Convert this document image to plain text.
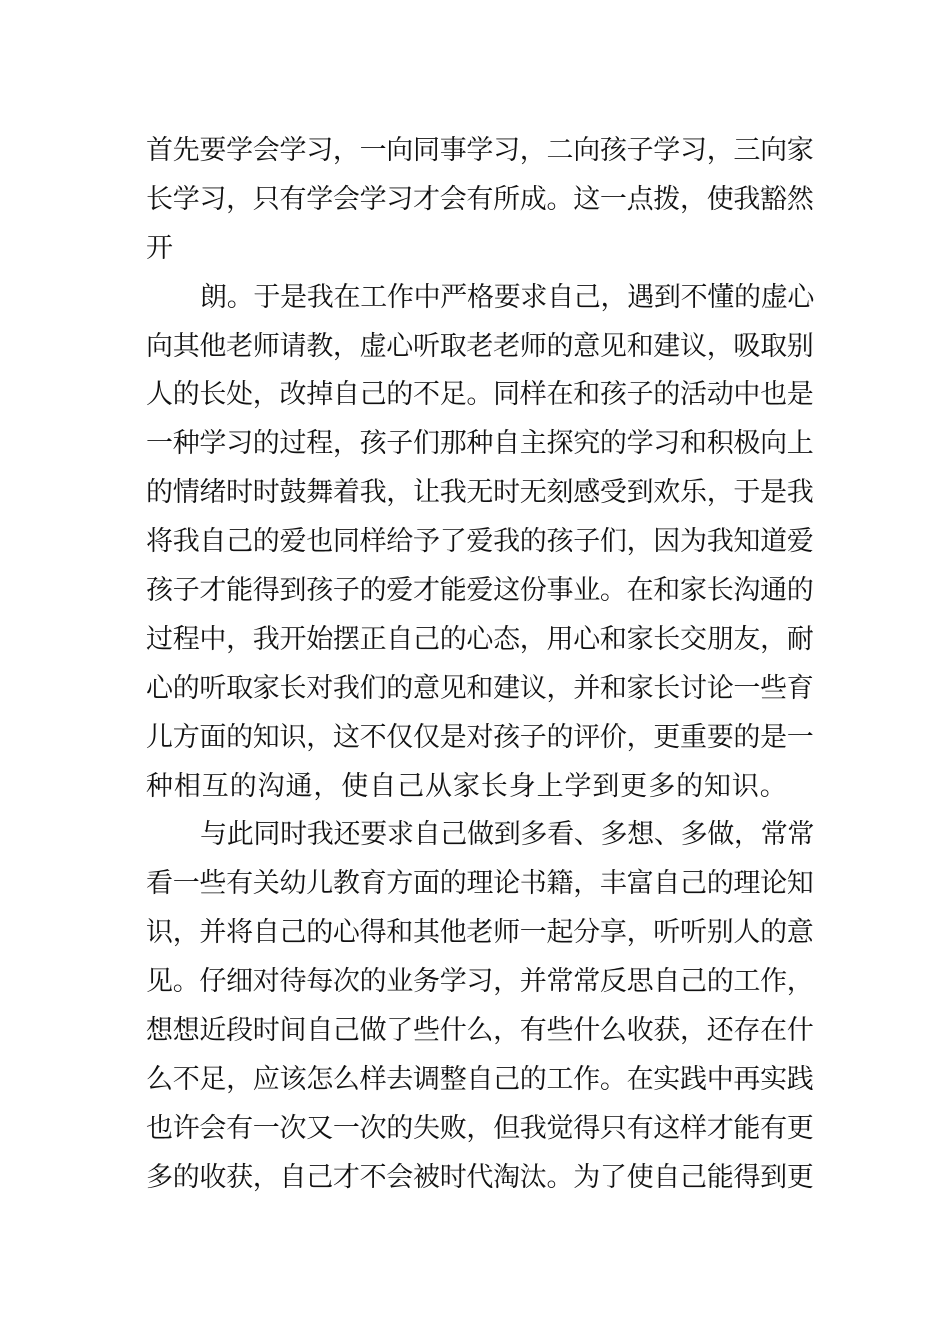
首先要学会学习，一向同事学习，二向孩子学习，三向家
长学习，只有学会学习才会有所成。这一点拨，使我豁然
开
朗。于是我在工作中严格要求自己，遇到不懂的虚心
向其他老师请教，虚心听取老老师的意见和建议，吸取别
人的长处，改掉自己的不足。同样在和孩子的活动中也是
一种学习的过程，孩子们那种自主探究的学习和积极向上
的情绪时时鼓舞着我，让我无时无刻感受到欢乐，于是我
将我自己的爱也同样给予了爱我的孩子们，因为我知道爱
孩子才能得到孩子的爱才能爱这份事业。在和家长沟通的
过程中，我开始摆正自己的心态，用心和家长交朋友，耐
心的听取家长对我们的意见和建议，并和家长讨论一些育
儿方面的知识，这不仅仅是对孩子的评价，更重要的是一
种相互的沟通，使自己从家长身上学到更多的知识。
与此同时我还要求自己做到多看、多想、多做，常常
看一些有关幼儿教育方面的理论书籍，丰富自己的理论知
识，并将自己的心得和其他老师一起分享，听听别人的意
见。仔细对待每次的业务学习，并常常反思自己的工作，
想想近段时间自己做了些什么，有些什么收获，还存在什
么不足，应该怎么样去调整自己的工作。在实践中再实践
也许会有一次又一次的失败，但我觉得只有这样才能有更
多的收获，自己才不会被时代淘汰。为了使自己能得到更
